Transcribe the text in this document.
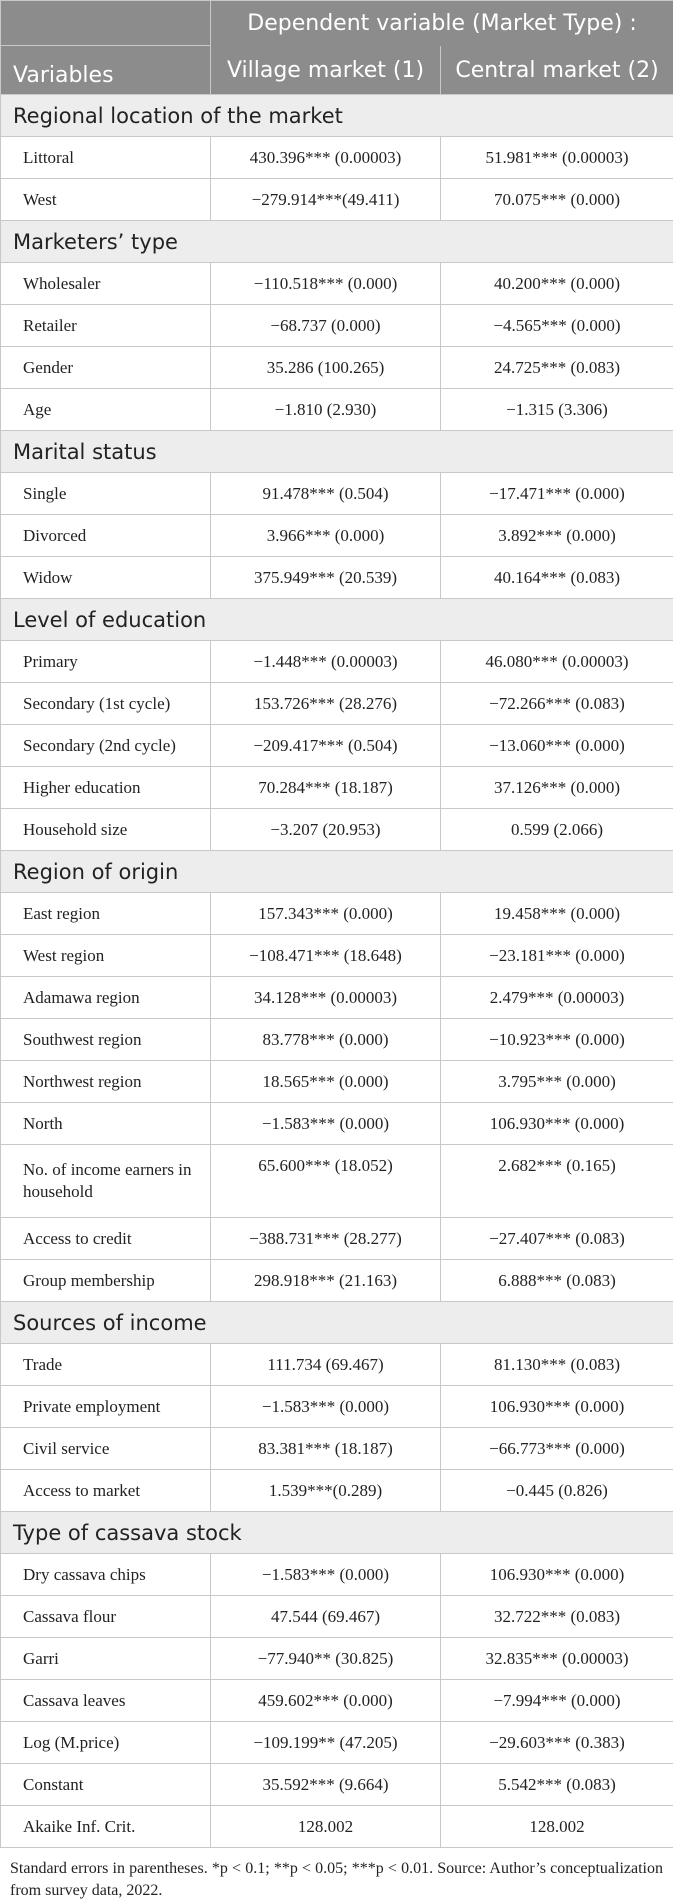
	Dependent variable (Market Type) :	
Variables	Village market (1)	Central market (2)
Regional location of the market		
Littoral	430.396*** (0.00003)	51.981*** (0.00003)
West	−279.914***(49.411)	70.075*** (0.000)
Marketers’ type		
Wholesaler	−110.518*** (0.000)	40.200*** (0.000)
Retailer	−68.737 (0.000)	−4.565*** (0.000)
Gender	35.286 (100.265)	24.725*** (0.083)
Age	−1.810 (2.930)	−1.315 (3.306)
Marital status		
Single	91.478*** (0.504)	−17.471*** (0.000)
Divorced	3.966*** (0.000)	3.892*** (0.000)
Widow	375.949*** (20.539)	40.164*** (0.083)
Level of education		
Primary	−1.448*** (0.00003)	46.080*** (0.00003)
Secondary (1st cycle)	153.726*** (28.276)	−72.266*** (0.083)
Secondary (2nd cycle)	−209.417*** (0.504)	−13.060*** (0.000)
Higher education	70.284*** (18.187)	37.126*** (0.000)
Household size	−3.207 (20.953)	0.599 (2.066)
Region of origin		
East region	157.343*** (0.000)	19.458*** (0.000)
West region	−108.471*** (18.648)	−23.181*** (0.000)
Adamawa region	34.128*** (0.00003)	2.479*** (0.00003)
Southwest region	83.778*** (0.000)	−10.923*** (0.000)
Northwest region	18.565*** (0.000)	3.795*** (0.000)
North	−1.583*** (0.000)	106.930*** (0.000)
No. of income earners in household	65.600*** (18.052)	2.682*** (0.165)
Access to credit	−388.731*** (28.277)	−27.407*** (0.083)
Group membership	298.918*** (21.163)	6.888*** (0.083)
Sources of income		
Trade	111.734 (69.467)	81.130*** (0.083)
Private employment	−1.583*** (0.000)	106.930*** (0.000)
Civil service	83.381*** (18.187)	−66.773*** (0.000)
Access to market	1.539***(0.289)	−0.445 (0.826)
Type of cassava stock		
Dry cassava chips	−1.583*** (0.000)	106.930*** (0.000)
Cassava flour	47.544 (69.467)	32.722*** (0.083)
Garri	−77.940** (30.825)	32.835*** (0.00003)
Cassava leaves	459.602*** (0.000)	−7.994*** (0.000)
Log (M.price)	−109.199** (47.205)	−29.603*** (0.383)
Constant	35.592*** (9.664)	5.542*** (0.083)
Akaike Inf. Crit.	128.002	128.002
Standard errors in parentheses. *p < 0.1; **p < 0.05; ***p < 0.01. Source: Author’s conceptualization from survey data, 2022.
